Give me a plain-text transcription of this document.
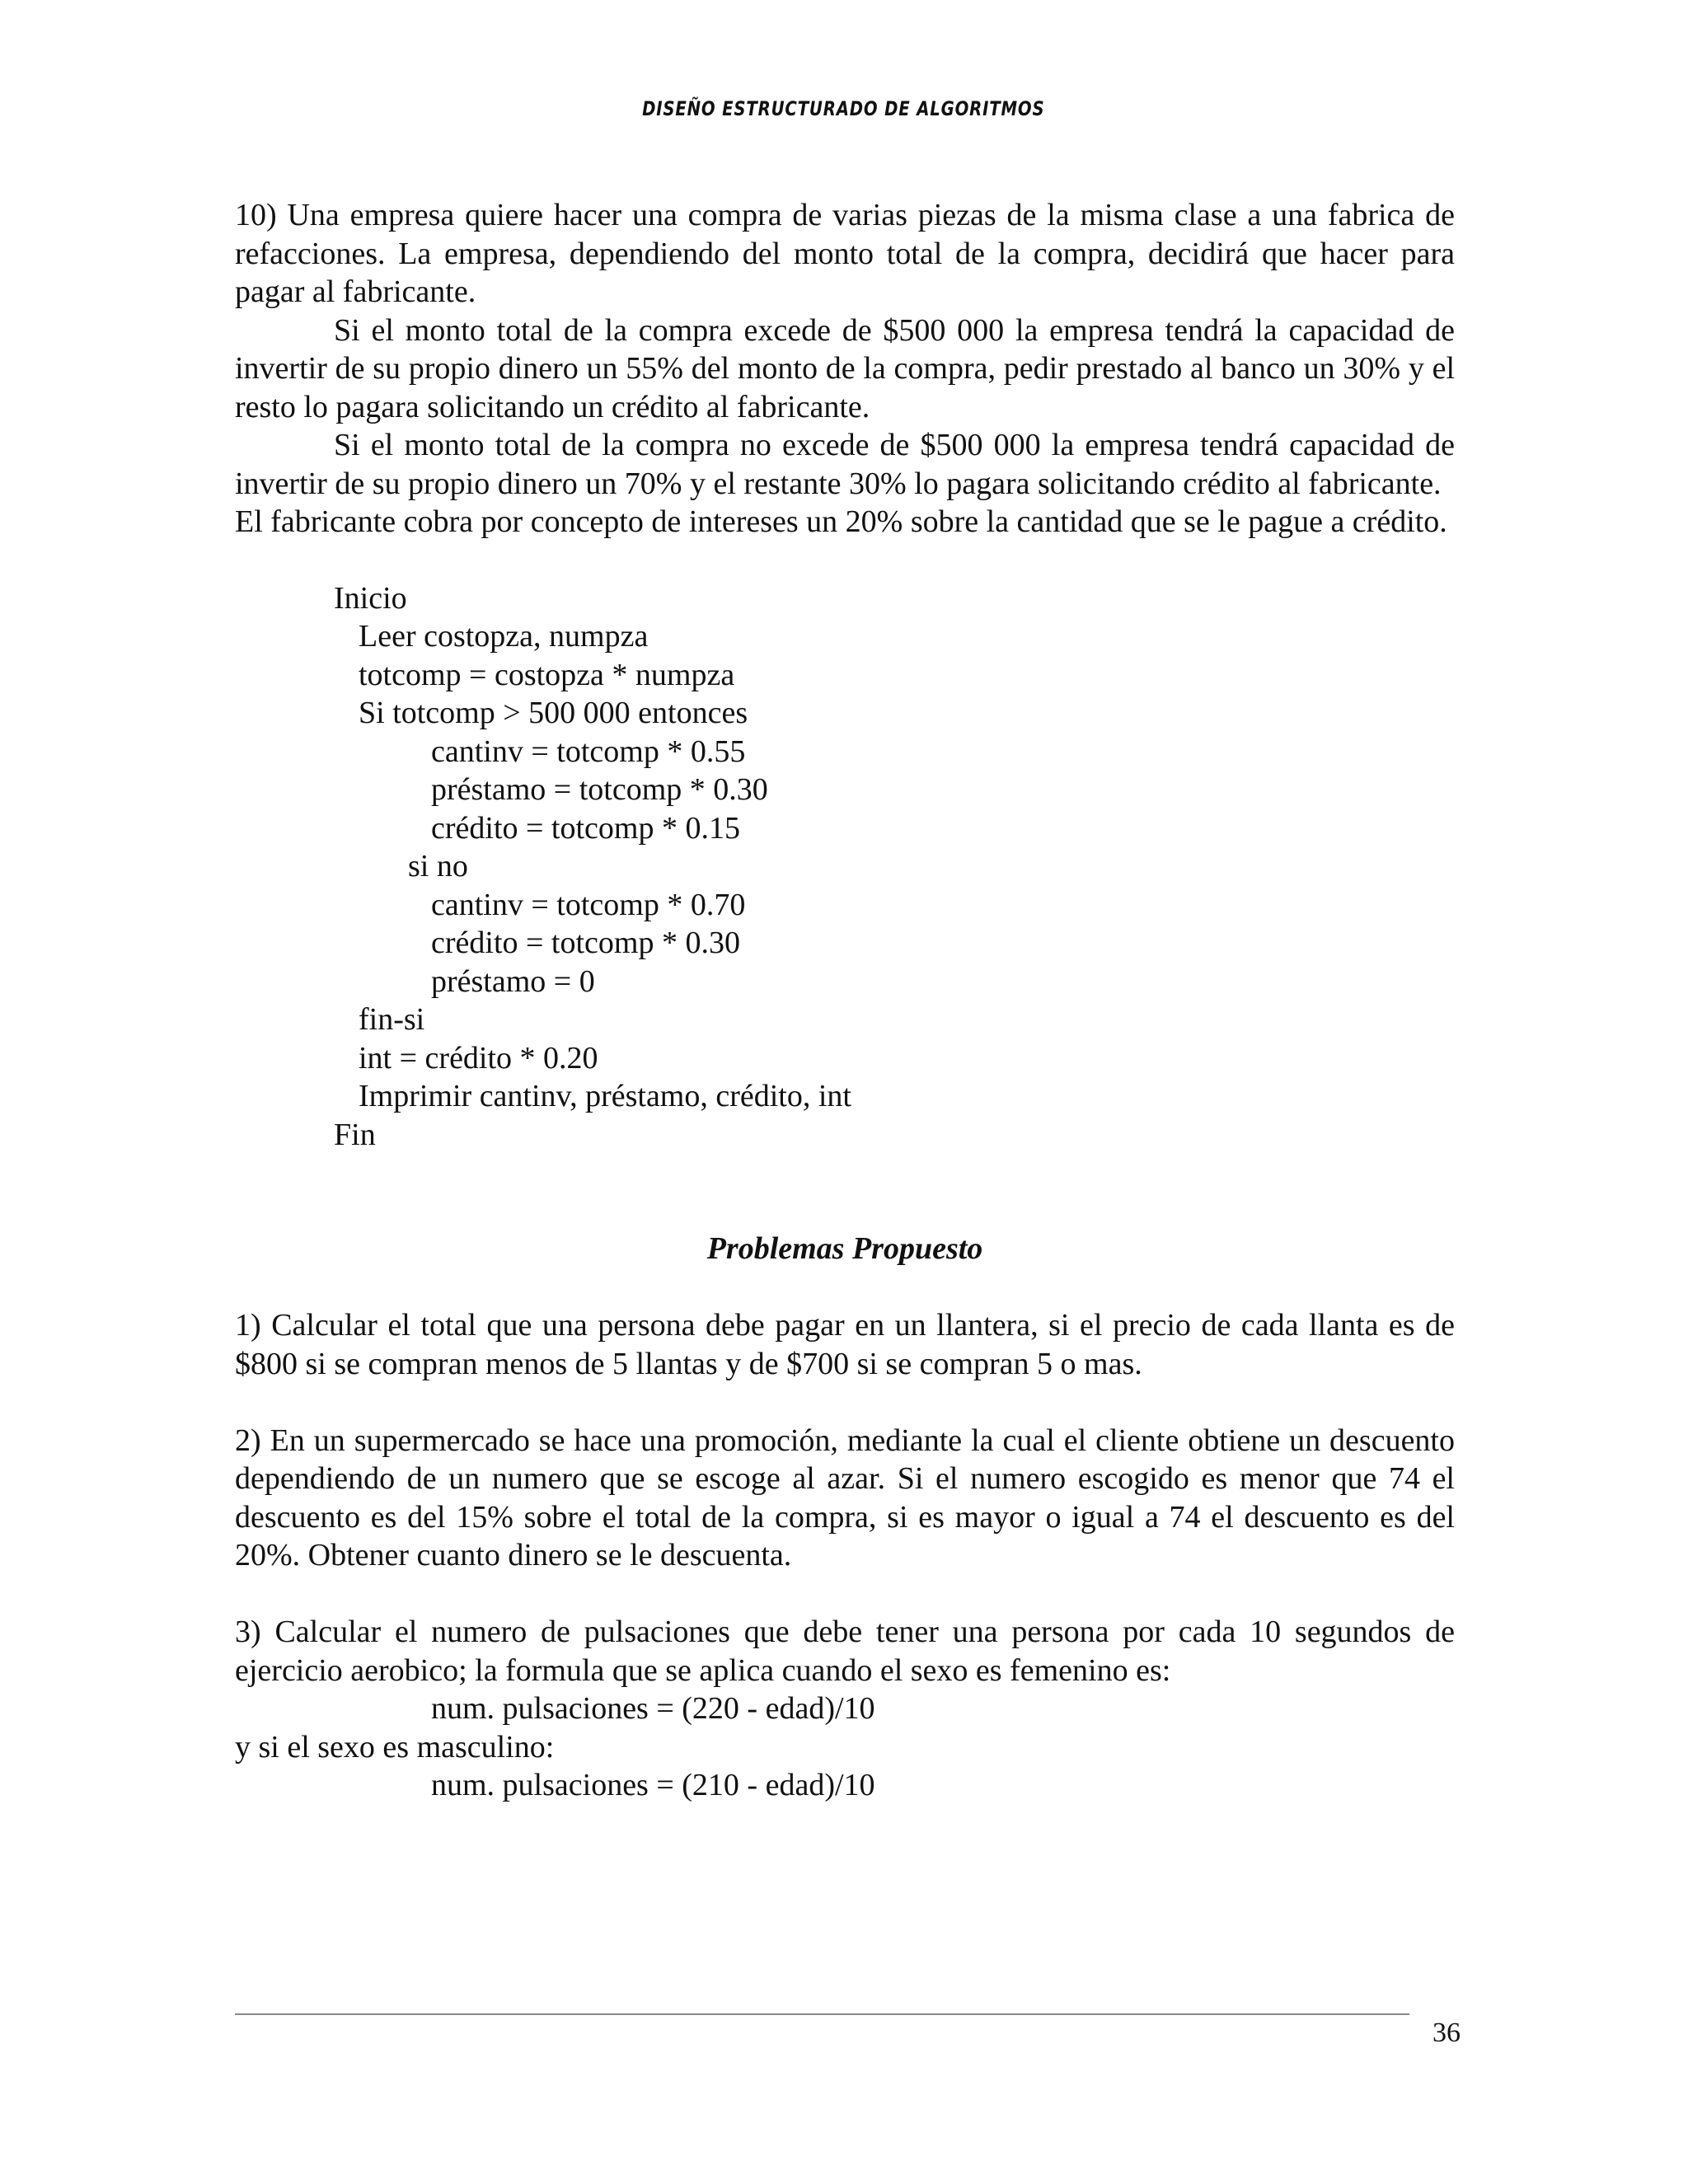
DISEÑO ESTRUCTURADO DE ALGORITMOS

10) Una empresa quiere hacer una compra de varias piezas de la misma clase a una fabrica de refacciones. La empresa, dependiendo del monto total de la compra, decidirá que hacer para pagar al fabricante.

Si el monto total de la compra excede de $500 000 la empresa tendrá la capacidad de invertir de su propio dinero un 55% del monto de la compra, pedir prestado al banco un 30% y el resto lo pagara solicitando un crédito al fabricante.

Si el monto total de la compra no excede de $500 000 la empresa tendrá capacidad de invertir de su propio dinero un 70% y el restante 30% lo pagara solicitando crédito al fabricante.

El fabricante cobra por concepto de intereses un 20% sobre la cantidad que se le pague a crédito.

Inicio
Leer costopza, numpza
totcomp = costopza * numpza
Si totcomp > 500 000 entonces
cantinv = totcomp * 0.55
préstamo = totcomp * 0.30
crédito = totcomp * 0.15
si no
cantinv = totcomp * 0.70
crédito = totcomp * 0.30
préstamo = 0
fin-si
int = crédito * 0.20
Imprimir cantinv, préstamo, crédito, int
Fin
Problemas Propuesto

1) Calcular el total que una persona debe pagar en un llantera, si el precio de cada llanta es de $800 si se compran menos de 5 llantas y de $700 si se compran 5 o mas.

2) En un supermercado se hace una promoción, mediante la cual el cliente obtiene un descuento dependiendo de un numero que se escoge al azar. Si el numero escogido es menor que 74 el descuento es del 15% sobre el total de la compra, si es mayor o igual a 74 el descuento es del 20%. Obtener cuanto dinero se le descuenta.

3) Calcular el numero de pulsaciones que debe tener una persona por cada 10 segundos de ejercicio aerobico; la formula que se aplica cuando el sexo es femenino es:

num. pulsaciones = (220 - edad)/10
y si el sexo es masculino:
num. pulsaciones = (210 - edad)/10
36
